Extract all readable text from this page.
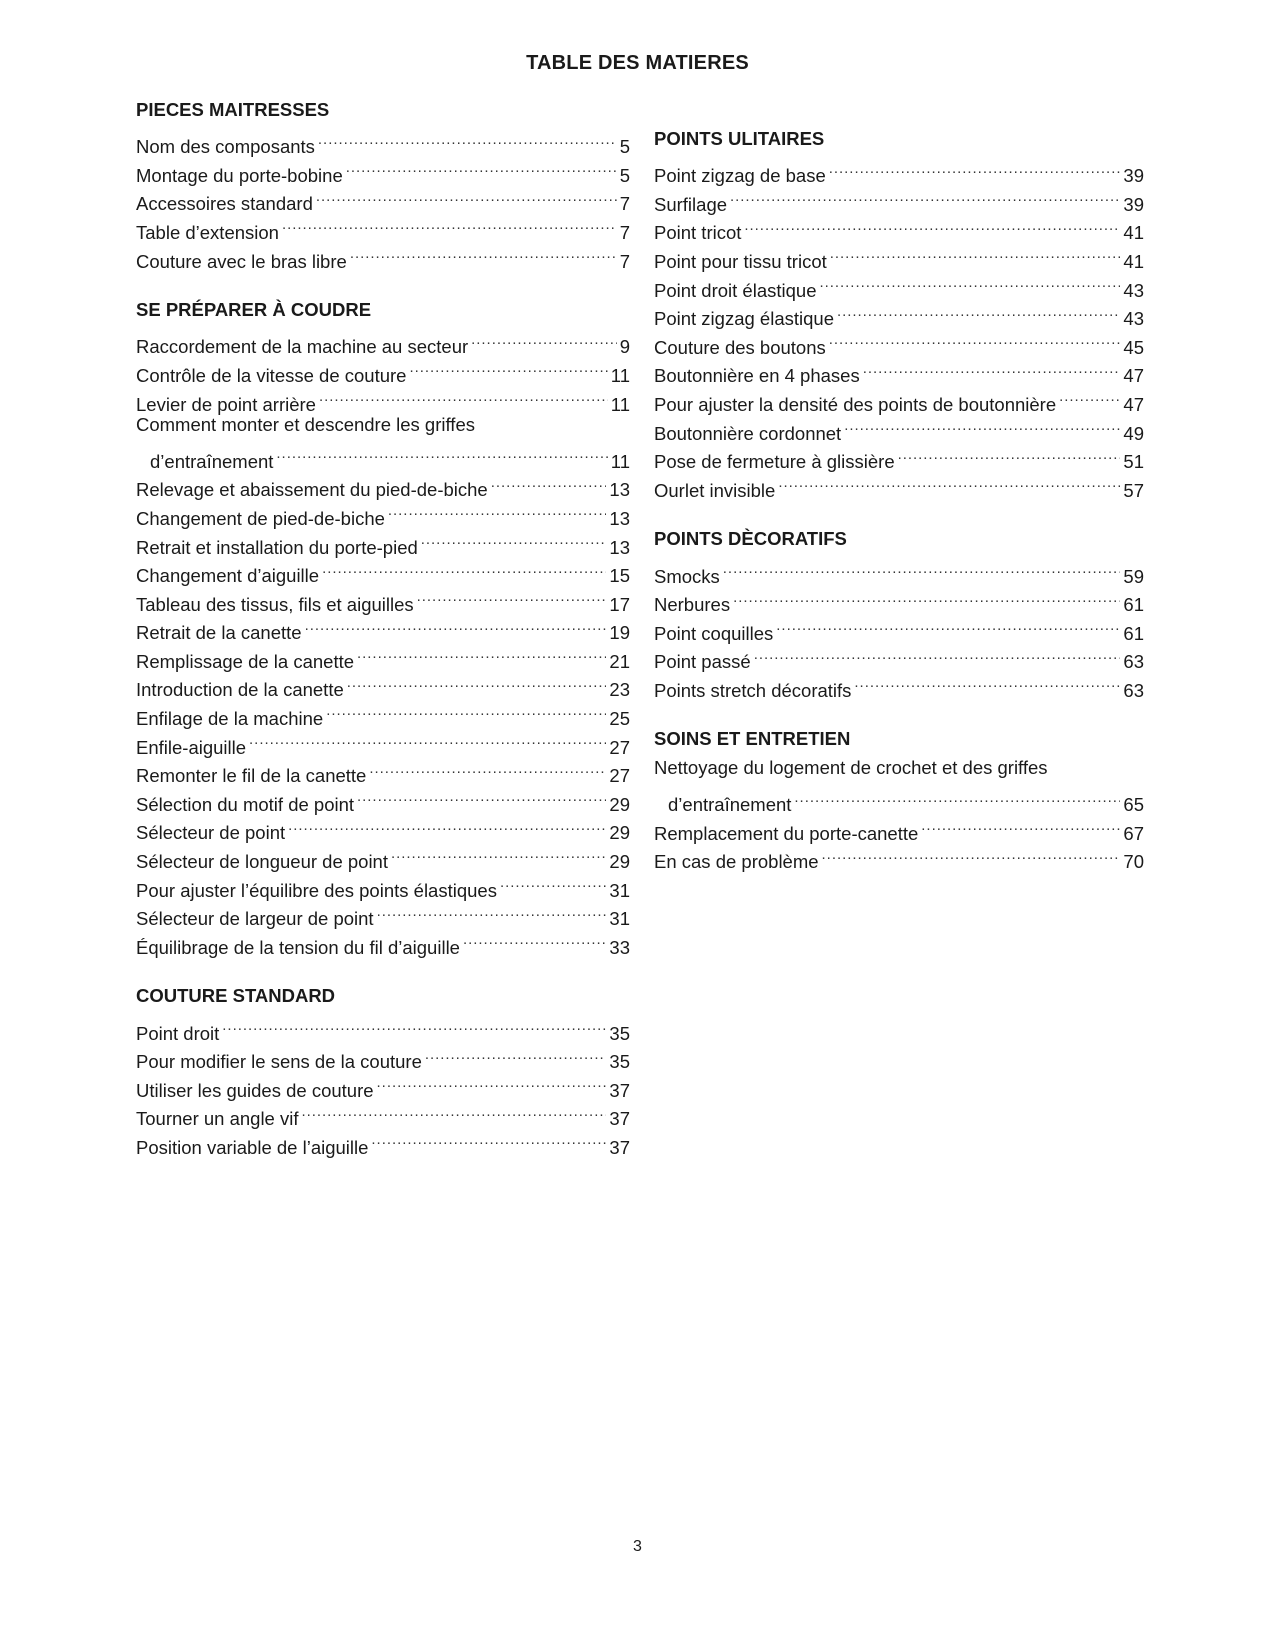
TABLE DES MATIERES
PIECES MAITRESSES
Nom des composants . . .	5
Montage du porte-bobine . . .	5
Accessoires standard . . .	7
Table d’extension . . .	7
Couture avec le bras libre . . .	7
SE PRÉPARER À COUDRE
Raccordement de la machine au secteur . . .	9
Contrôle de la vitesse de couture . . .	11
Levier de point arrière . . .	11
Comment monter et descendre les griffes
d’entraînement . . .	11
Relevage et abaissement du pied-de-biche . . .	13
Changement de pied-de-biche . . .	13
Retrait et installation du porte-pied . . .	13
Changement d’aiguille . . .	15
Tableau des tissus, fils et aiguilles . . .	17
Retrait de la canette . . .	19
Remplissage de la canette . . .	21
Introduction de la canette . . .	23
Enfilage de la machine . . .	25
Enfile-aiguille . . .	27
Remonter le fil de la canette . . .	27
Sélection du motif de point . . .	29
Sélecteur de point . . .	29
Sélecteur de longueur de point . . .	29
Pour ajuster l’équilibre des points élastiques . . .	31
Sélecteur de largeur de point . . .	31
Équilibrage de la tension du fil d’aiguille . . .	33
COUTURE STANDARD
Point droit . . .	35
Pour modifier le sens de la couture . . .	35
Utiliser les guides de couture . . .	37
Tourner un angle vif . . .	37
Position variable de l’aiguille . . .	37
POINTS ULITAIRES
Point zigzag de base . . .	39
Surfilage . . .	39
Point tricot . . .	41
Point pour tissu tricot . . .	41
Point droit élastique . . .	43
Point zigzag élastique . . .	43
Couture des boutons . . .	45
Boutonnière en 4 phases . . .	47
Pour ajuster la densité des points de boutonnière . . .	47
Boutonnière cordonnet . . .	49
Pose de fermeture à glissière . . .	51
Ourlet invisible . . .	57
POINTS DÈCORATIFS
Smocks . . .	59
Nerbures . . .	61
Point coquilles . . .	61
Point passé . . .	63
Points stretch décoratifs . . .	63
SOINS ET ENTRETIEN
Nettoyage du logement de crochet et des griffes
d’entraînement . . .	65
Remplacement du porte-canette . . .	67
En cas de problème . . .	70
3
